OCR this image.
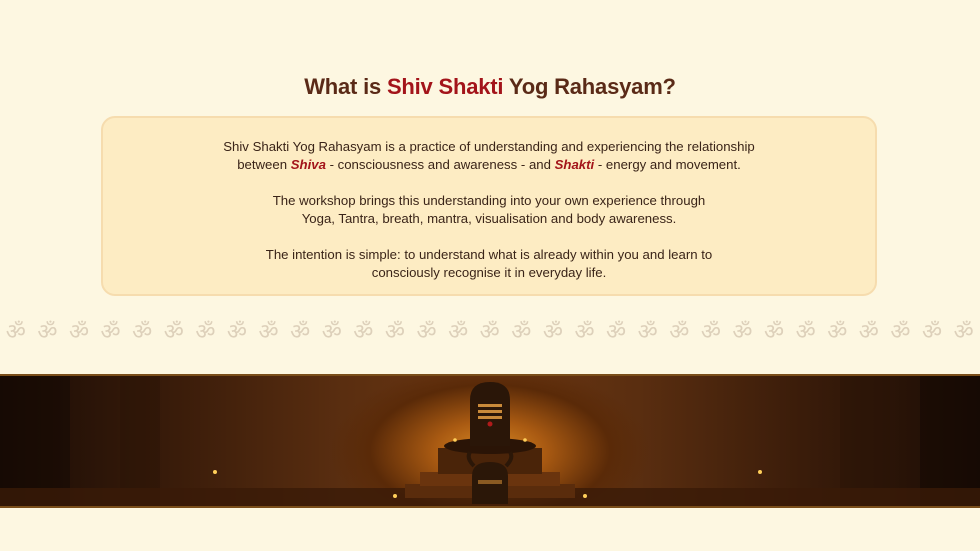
What is Shiv Shakti Yog Rahasyam?

Shiv Shakti Yog Rahasyam is a practice of understanding and experiencing the relationship
between Shiva - consciousness and awareness - and Shakti - energy and movement.

The workshop brings this understanding into your own experience through
Yoga, Tantra, breath, mantra, visualisation and body awareness.

The intention is simple: to understand what is already within you and learn to
consciously recognise it in everyday life.

ॐ ॐ ॐ ॐ ॐ ॐ ॐ ॐ ॐ ॐ ॐ ॐ ॐ ॐ ॐ ॐ ॐ ॐ ॐ ॐ ॐ ॐ ॐ ॐ ॐ ॐ ॐ ॐ ॐ ॐ ॐ
